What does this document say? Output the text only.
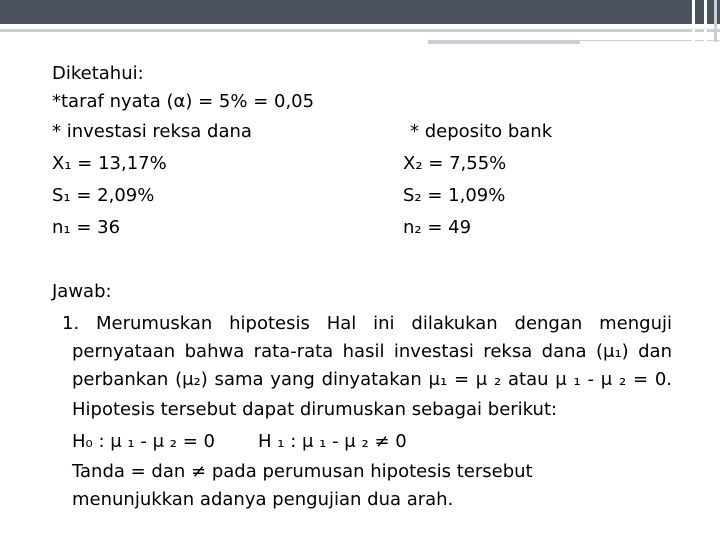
Diketahui:
*taraf nyata (α) = 5% = 0,05
* investasi reksa dana
X₁ = 13,17%
S₁ = 2,09%
n₁ = 36
* deposito bank
X₂ = 7,55%
S₂ = 1,09%
n₂ = 49
Jawab:
1. Merumuskan hipotesis Hal ini dilakukan dengan menguji
pernyataan bahwa rata-rata hasil investasi reksa dana (μ₁) dan
perbankan (μ₂) sama yang dinyatakan μ₁ = μ ₂ atau μ ₁ - μ ₂ = 0.
Hipotesis tersebut dapat dirumuskan sebagai berikut:
H₀ : μ ₁ - μ ₂ = 0 H ₁ : μ ₁ - μ ₂ ≠ 0
Tanda = dan ≠ pada perumusan hipotesis tersebut
menunjukkan adanya pengujian dua arah.
